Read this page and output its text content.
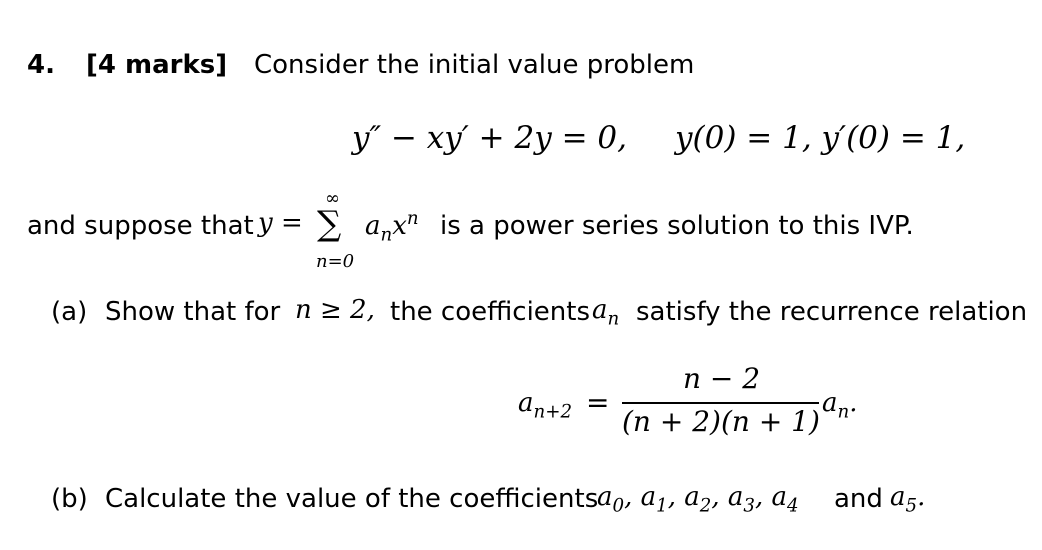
4. [4 marks] Consider the initial value problem
y″ − xy′ + 2y = 0, y(0) = 1, y′(0) = 1,
and suppose that y =
∞
∑
n=0
$a_nx^n$ is a power series solution to this IVP.
(a) Show that for n ≥ 2, the coefficients $a_n$ satisfy the recurrence relation
$a_{n+2}$ =
n − 2
(n + 2)(n + 1)
$a_n$.
(b) Calculate the value of the coefficients
$a_0$, $a_1$, $a_2$, $a_3$, $a_4$ and $a_5$.
